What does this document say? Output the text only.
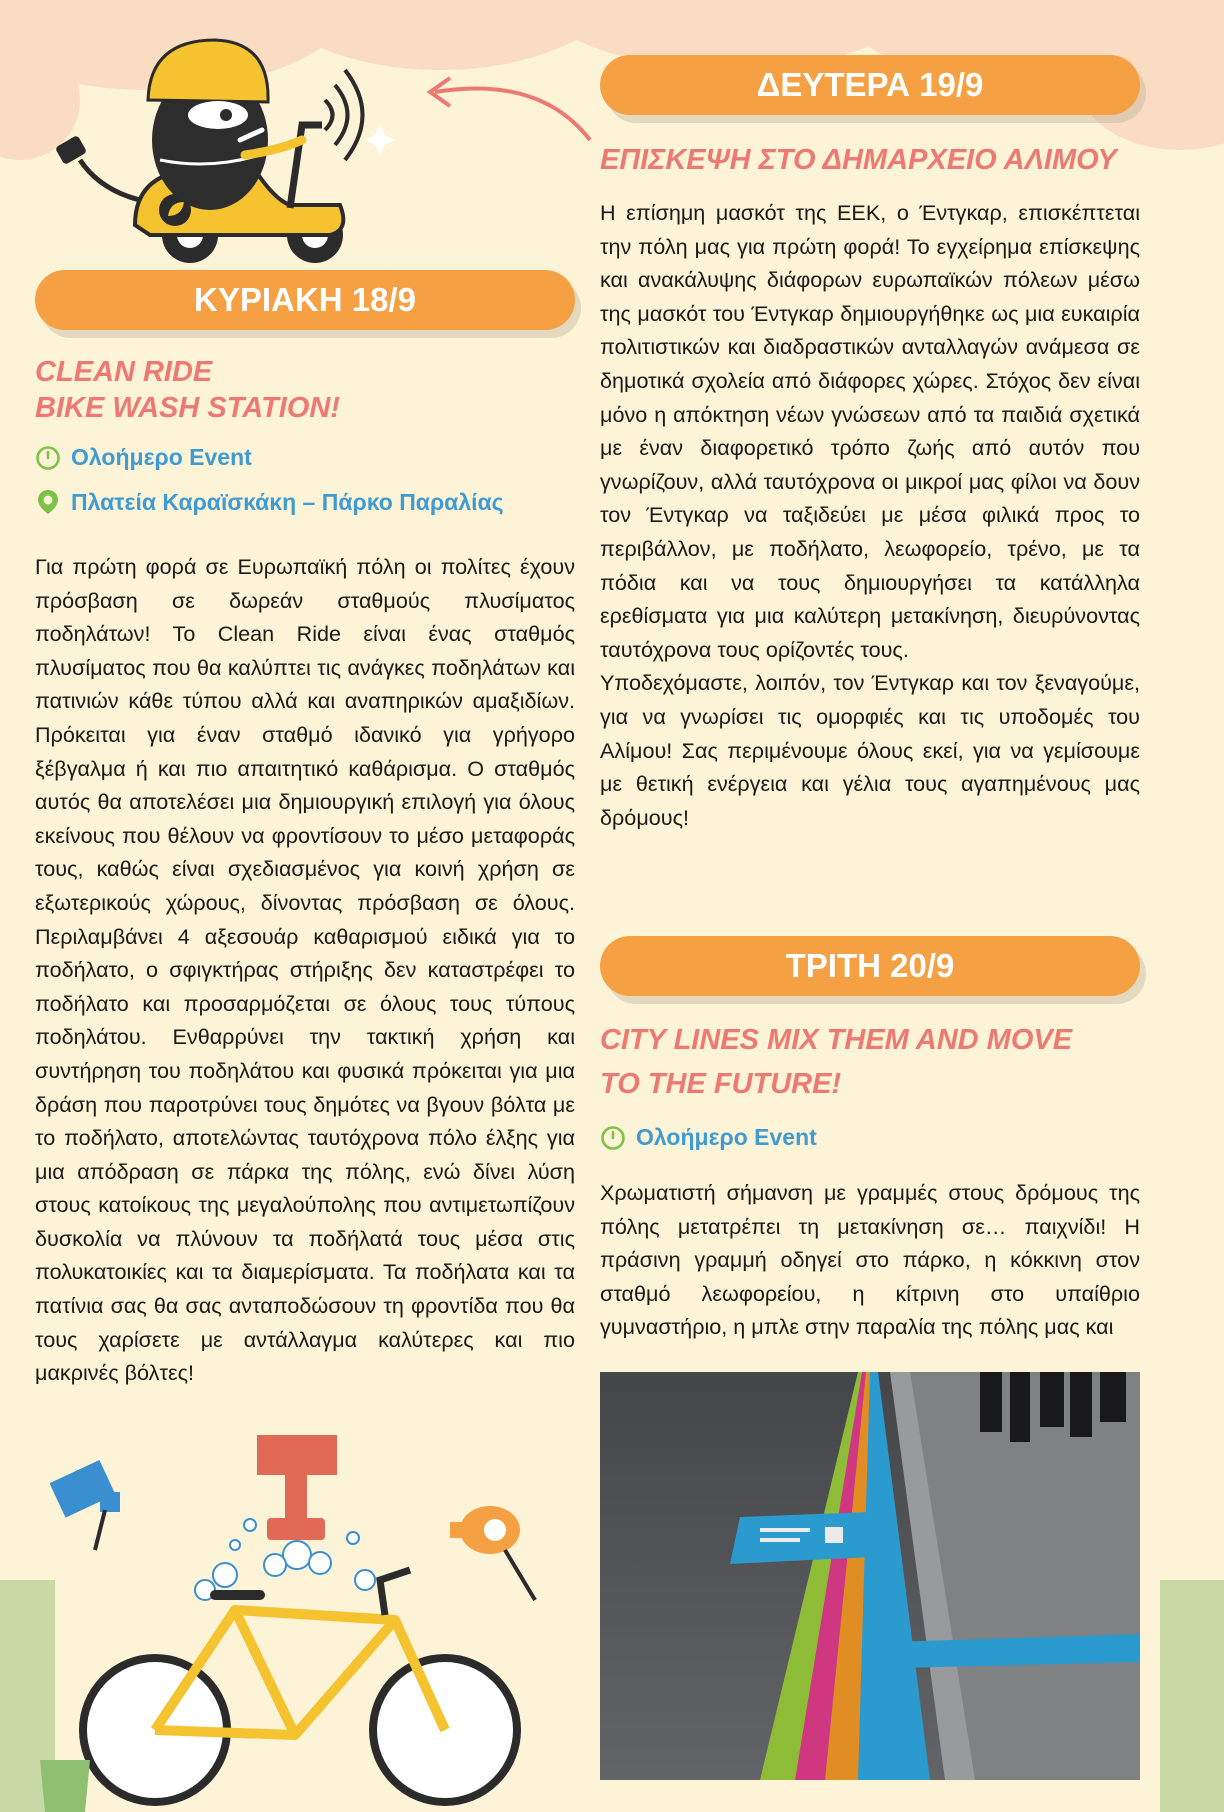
ΔΕΥΤΕΡΑ 19/9
ΕΠΙΣΚΕΨΗ ΣΤΟ ΔΗΜΑΡΧΕΙΟ ΑΛΙΜΟΥ

Η επίσημη μασκότ της ΕΕΚ, ο Έντγκαρ, επισκέπτεται την πόλη μας για πρώτη φορά! Το εγχείρημα επίσκεψης και ανακάλυψης διάφορων ευρωπαϊκών πόλεων μέσω της μασκότ του Έντγκαρ δημιουργήθηκε ως μια ευκαιρία πολιτιστικών και διαδραστικών ανταλλαγών ανάμεσα σε δημοτικά σχολεία από διάφορες χώρες. Στόχος δεν είναι μόνο η απόκτηση νέων γνώσεων από τα παιδιά σχετικά με έναν διαφορετικό τρόπο ζωής από αυτόν που γνωρίζουν, αλλά ταυτόχρονα οι μικροί μας φίλοι να δουν τον Έντγκαρ να ταξιδεύει με μέσα φιλικά προς το περιβάλλον, με ποδήλατο, λεωφορείο, τρένο, με τα πόδια και να τους δημιουργήσει τα κατάλληλα ερεθίσματα για μια καλύτερη μετακίνηση, διευρύνοντας ταυτόχρονα τους ορίζοντές τους.

Υποδεχόμαστε, λοιπόν, τον Έντγκαρ και τον ξεναγούμε, για να γνωρίσει τις ομορφιές και τις υποδομές του Αλίμου! Σας περιμένουμε όλους εκεί, για να γεμίσουμε με θετική ενέργεια και γέλια τους αγαπημένους μας δρόμους!

ΚΥΡΙΑΚΗ 18/9
CLEAN RIDE
BIKE WASH STATION!
Ολοήμερο Event
Πλατεία Καραϊσκάκη – Πάρκο Παραλίας

Για πρώτη φορά σε Ευρωπαϊκή πόλη οι πολίτες έχουν πρόσβαση σε δωρεάν σταθμούς πλυσίματος ποδηλάτων! Το Clean Ride είναι ένας σταθμός πλυσίματος που θα καλύπτει τις ανάγκες ποδηλάτων και πατινιών κάθε τύπου αλλά και αναπηρικών αμαξιδίων. Πρόκειται για έναν σταθμό ιδανικό για γρήγορο ξέβγαλμα ή και πιο απαιτητικό καθάρισμα. Ο σταθμός αυτός θα αποτελέσει μια δημιουργική επιλογή για όλους εκείνους που θέλουν να φροντίσουν το μέσο μεταφοράς τους, καθώς είναι σχεδιασμένος για κοινή χρήση σε εξωτερικούς χώρους, δίνοντας πρόσβαση σε όλους. Περιλαμβάνει 4 αξεσουάρ καθαρισμού ειδικά για το ποδήλατο, ο σφιγκτήρας στήριξης δεν καταστρέφει το ποδήλατο και προσαρμόζεται σε όλους τους τύπους ποδηλάτου. Ενθαρρύνει την τακτική χρήση και συντήρηση του ποδηλάτου και φυσικά πρόκειται για μια δράση που παροτρύνει τους δημότες να βγουν βόλτα με το ποδήλατο, αποτελώντας ταυτόχρονα πόλο έλξης για μια απόδραση σε πάρκα της πόλης, ενώ δίνει λύση στους κατοίκους της μεγαλούπολης που αντιμετωπίζουν δυσκολία να πλύνουν τα ποδήλατά τους μέσα στις πολυκατοικίες και τα διαμερίσματα. Τα ποδήλατα και τα πατίνια σας θα σας ανταποδώσουν τη φροντίδα που θα τους χαρίσετε με αντάλλαγμα καλύτερες και πιο μακρινές βόλτες!

ΤΡΙΤΗ 20/9
CITY LINES MIX THEM AND MOVE
TO THE FUTURE!
Ολοήμερο Event

Χρωματιστή σήμανση με γραμμές στους δρόμους της πόλης μετατρέπει τη μετακίνηση σε… παιχνίδι! Η πράσινη γραμμή οδηγεί στο πάρκο, η κόκκινη στον σταθμό λεωφορείου, η κίτρινη στο υπαίθριο γυμναστήριο, η μπλε στην παραλία της πόλης μας και
